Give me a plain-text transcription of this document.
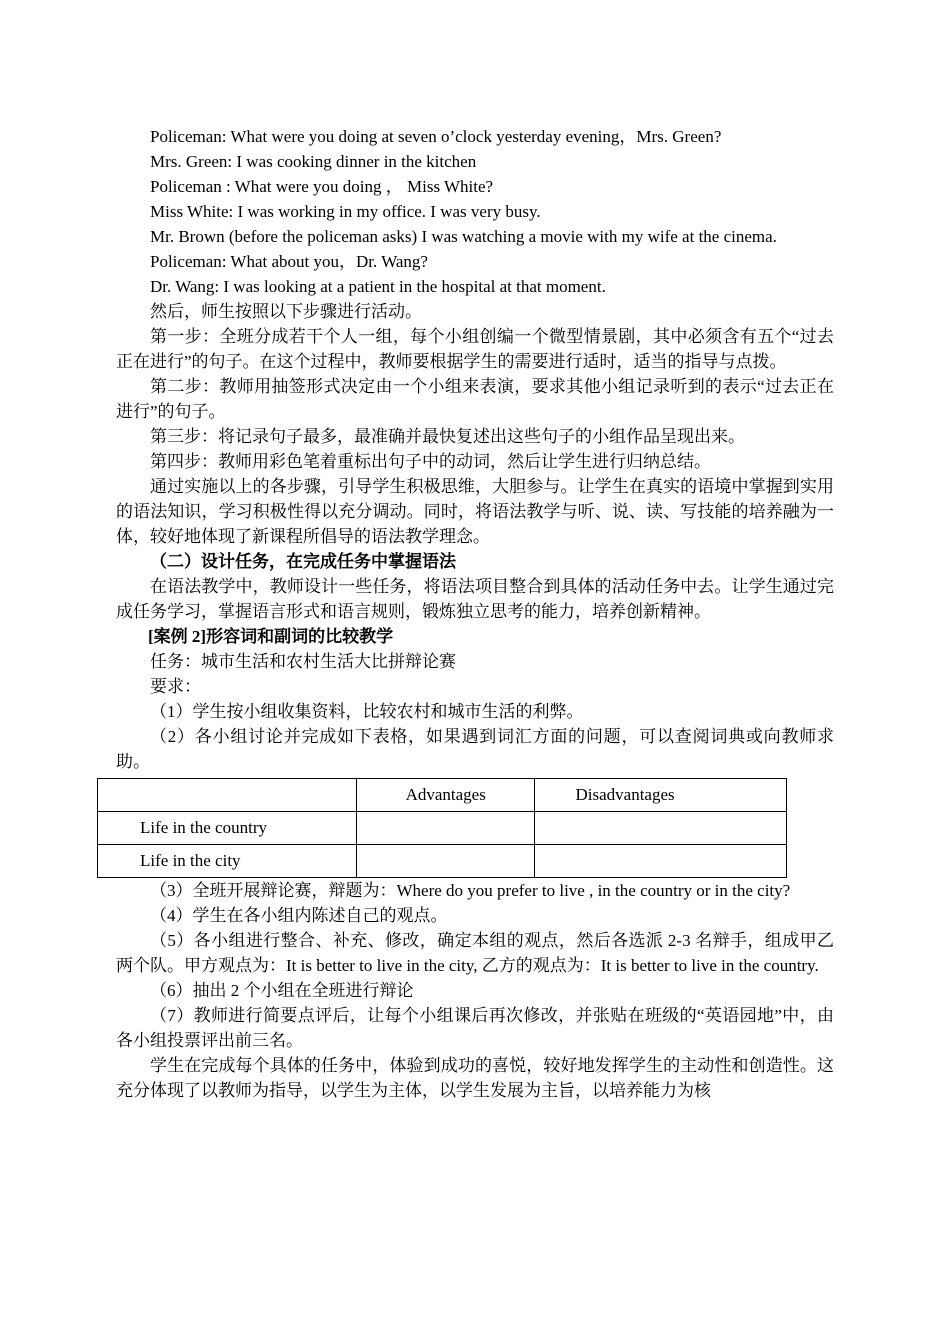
Policeman: What were you doing at seven o’clock yesterday evening，Mrs. Green?

Mrs. Green: I was cooking dinner in the kitchen

Policeman : What were you doing ， Miss White?

Miss White: I was working in my office. I was very busy.

Mr. Brown (before the policeman asks) I was watching a movie with my wife at the cinema.

Policeman: What about you，Dr. Wang?

Dr. Wang: I was looking at a patient in the hospital at that moment.

然后，师生按照以下步骤进行活动。

第一步：全班分成若干个人一组，每个小组创编一个微型情景剧，其中必须含有五个“过去正在进行”的句子。在这个过程中，教师要根据学生的需要进行适时，适当的指导与点拨。

第二步：教师用抽签形式决定由一个小组来表演，要求其他小组记录听到的表示“过去正在进行”的句子。

第三步：将记录句子最多，最准确并最快复述出这些句子的小组作品呈现出来。

第四步：教师用彩色笔着重标出句子中的动词，然后让学生进行归纳总结。

通过实施以上的各步骤，引导学生积极思维，大胆参与。让学生在真实的语境中掌握到实用的语法知识，学习积极性得以充分调动。同时，将语法教学与听、说、读、写技能的培养融为一体，较好地体现了新课程所倡导的语法教学理念。

（二）设计任务，在完成任务中掌握语法

在语法教学中，教师设计一些任务，将语法项目整合到具体的活动任务中去。让学生通过完成任务学习，掌握语言形式和语言规则，锻炼独立思考的能力，培养创新精神。

[案例 2]形容词和副词的比较教学

任务：城市生活和农村生活大比拼辩论赛

要求：

（1）学生按小组收集资料，比较农村和城市生活的利弊。

（2）各小组讨论并完成如下表格，如果遇到词汇方面的问题，可以查阅词典或向教师求助。

	Advantages	Disadvantages
Life in the country		
Life in the city		

（3）全班开展辩论赛，辩题为：Where do you prefer to live , in the country or in the city?

（4）学生在各小组内陈述自己的观点。

（5）各小组进行整合、补充、修改，确定本组的观点，然后各选派 2-3 名辩手，组成甲乙两个队。甲方观点为：It is better to live in the city, 乙方的观点为：It is better to live in the country.

（6）抽出 2 个小组在全班进行辩论

（7）教师进行简要点评后，让每个小组课后再次修改，并张贴在班级的“英语园地”中，由各小组投票评出前三名。

学生在完成每个具体的任务中，体验到成功的喜悦，较好地发挥学生的主动性和创造性。这充分体现了以教师为指导，以学生为主体，以学生发展为主旨，以培养能力为核
